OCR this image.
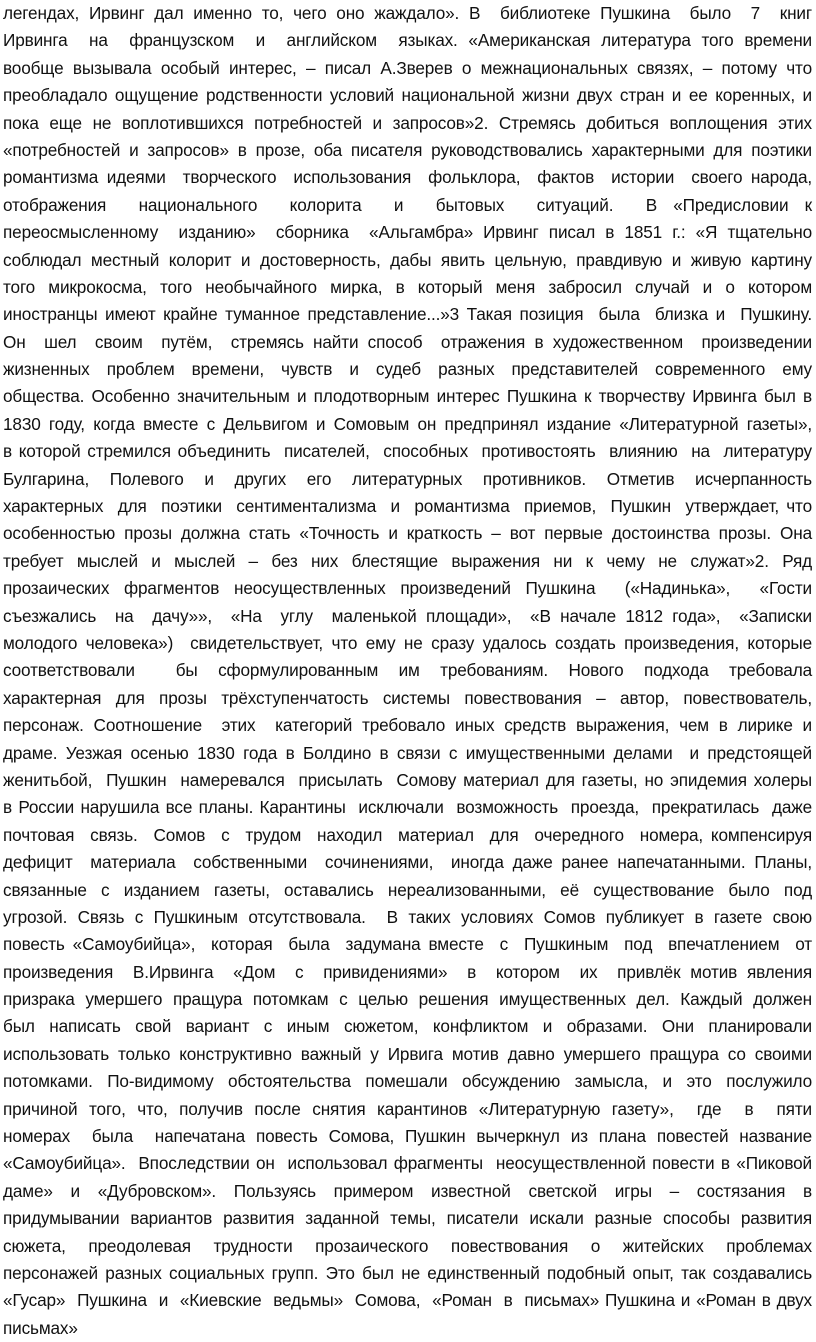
легендах, Ирвинг дал именно то, чего оно жаждало». В  библиотеке Пушкина  было  7  книг
Ирвинга  на  французском  и  английском  языках. «Американская литература того времени
вообще вызывала особый интерес, – писал А.Зверев о межнациональных связях, – потому что
преобладало ощущение родственности условий национальной жизни двух стран и ее коренных, и
пока еще не воплотившихся потребностей и запросов»2. Стремясь добиться воплощения этих
«потребностей и запросов» в прозе, оба писателя руководствовались характерными для поэтики
романтизма идеями  творческого  использования  фольклора,  фактов  истории  своего народа,
отображения  национального  колорита  и  бытовых  ситуаций.  В «Предисловии к
переосмысленному  изданию»  сборника  «Альгамбра» Ирвинг писал в 1851 г.: «Я тщательно
соблюдал местный колорит и достоверность, дабы явить цельную, правдивую и живую картину
того микрокосма, того необычайного мирка, в который меня забросил случай и о котором
иностранцы имеют крайне туманное представление...»3 Такая позиция  была  близка и  Пушкину.
Он  шел  своим  путём,  стремясь найти способ  отражения в художественном  произведении
жизненных проблем времени, чувств и судеб разных представителей современного ему
общества. Особенно значительным и плодотворным интерес Пушкина к творчеству Ирвинга был в
1830 году, когда вместе с Дельвигом и Сомовым он предпринял издание «Литературной газеты»,
в которой стремился объединить  писателей,  способных  противостоять  влиянию  на  литературу
Булгарина, Полевого и других его литературных противников. Отметив исчерпанность
характерных  для  поэтики  сентиментализма  и  романтизма  приемов,  Пушкин  утверждает, что
особенностью прозы должна стать «Точность и краткость – вот первые достоинства прозы. Она
требует мыслей и мыслей – без них блестящие выражения ни к чему не служат»2. Ряд
прозаических фрагментов неосуществленных произведений Пушкина  («Надинька»,  «Гости
съезжались  на  дачу»»,  «На  углу  маленькой площади»,  «В начале 1812 года»,  «Записки
молодого человека»)  свидетельствует, что ему не сразу удалось создать произведения, которые
соответствовали  бы сформулированным им требованиям. Нового подхода требовала
характерная  для  прозы  трёхступенчатость  системы  повествования  –  автор,  повествователь,
персонаж. Соотношение  этих  категорий требовало иных средств выражения, чем в лирике и
драме. Уезжая осенью 1830 года в Болдино в связи с имущественными делами  и предстоящей
женитьбой,  Пушкин  намеревался  присылать  Сомову материал для газеты, но эпидемия холеры
в России нарушила все планы. Карантины  исключали  возможность  проезда,  прекратилась  даже
почтовая  связь.  Сомов  с  трудом  находил  материал  для  очередного  номера, компенсируя
дефицит  материала  собственными  сочинениями,  иногда даже ранее напечатанными. Планы,
связанные с изданием газеты, оставались нереализованными, её существование было под
угрозой. Связь с Пушкиным отсутствовала.  В таких условиях Сомов публикует в газете свою
повесть «Самоубийца»,  которая  была  задумана вместе  с  Пушкиным  под  впечатлением  от
произведения  В.Ирвинга  «Дом  с  привидениями»  в  котором  их  привлёк мотив явления
призрака умершего пращура потомкам с целью решения имущественных дел. Каждый должен
был написать свой вариант с иным сюжетом, конфликтом и образами. Они планировали
использовать только конструктивно важный у Ирвига мотив давно умершего пращура со своими
потомками. По-видимому обстоятельства помешали обсуждению замысла, и это послужило
причиной того, что, получив после снятия карантинов «Литературную газету»,  где  в  пяти
номерах  была  напечатана повесть Сомова, Пушкин вычеркнул из плана повестей название
«Самоубийца».  Впоследствии он  использовал фрагменты  неосуществленной повести в «Пиковой
даме» и «Дубровском». Пользуясь примером известной светской игры – состязания в
придумывании вариантов развития заданной темы, писатели искали разные способы развития
сюжета, преодолевая трудности прозаического повествования о житейских проблемах
персонажей разных социальных групп. Это был не единственный подобный опыт, так создавались
«Гусар»  Пушкина  и  «Киевские  ведьмы»  Сомова,  «Роман  в  письмах» Пушкина и «Роман в двух
письмах»
